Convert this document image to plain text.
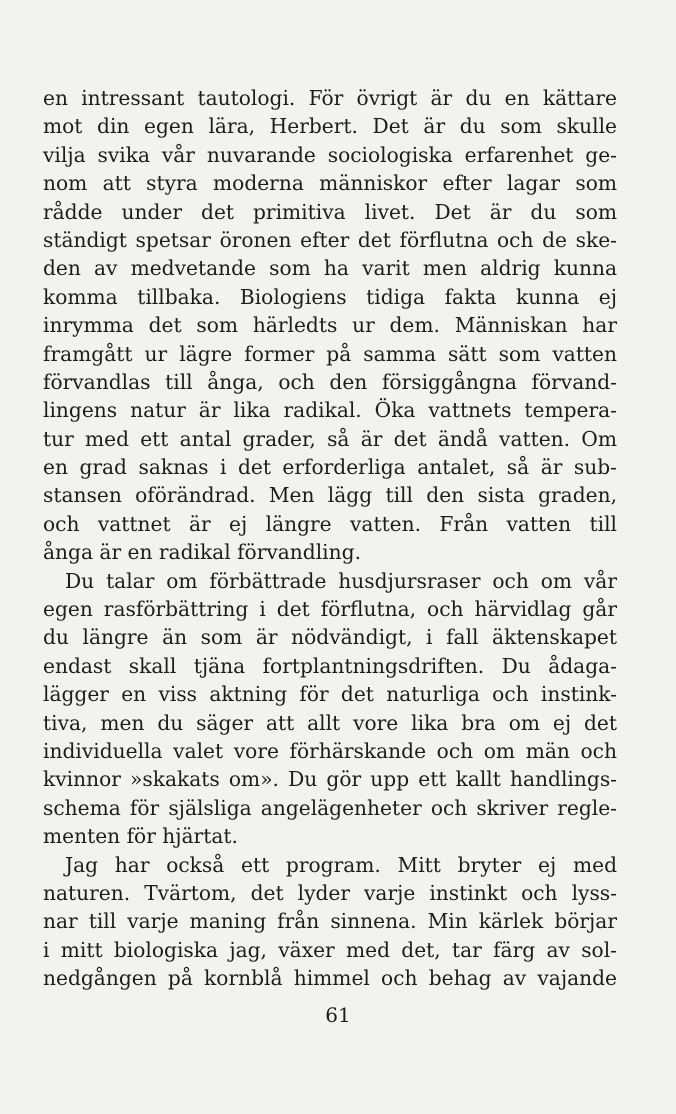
en intressant tautologi. För övrigt är du en kättare
mot din egen lära, Herbert. Det är du som skulle
vilja svika vår nuvarande sociologiska erfarenhet ge-
nom att styra moderna människor efter lagar som
rådde under det primitiva livet. Det är du som
ständigt spetsar öronen efter det förflutna och de ske-
den av medvetande som ha varit men aldrig kunna
komma tillbaka. Biologiens tidiga fakta kunna ej
inrymma det som härledts ur dem. Människan har
framgått ur lägre former på samma sätt som vatten
förvandlas till ånga, och den försiggångna förvand-
lingens natur är lika radikal. Öka vattnets tempera-
tur med ett antal grader, så är det ändå vatten. Om
en grad saknas i det erforderliga antalet, så är sub-
stansen oförändrad. Men lägg till den sista graden,
och vattnet är ej längre vatten. Från vatten till
ånga är en radikal förvandling.
Du talar om förbättrade husdjursraser och om vår
egen rasförbättring i det förflutna, och härvidlag går
du längre än som är nödvändigt, i fall äktenskapet
endast skall tjäna fortplantningsdriften. Du ådaga-
lägger en viss aktning för det naturliga och instink-
tiva, men du säger att allt vore lika bra om ej det
individuella valet vore förhärskande och om män och
kvinnor »skakats om». Du gör upp ett kallt handlings-
schema för själsliga angelägenheter och skriver regle-
menten för hjärtat.
Jag har också ett program. Mitt bryter ej med
naturen. Tvärtom, det lyder varje instinkt och lyss-
nar till varje maning från sinnena. Min kärlek börjar
i mitt biologiska jag, växer med det, tar färg av sol-
nedgången på kornblå himmel och behag av vajande
61
